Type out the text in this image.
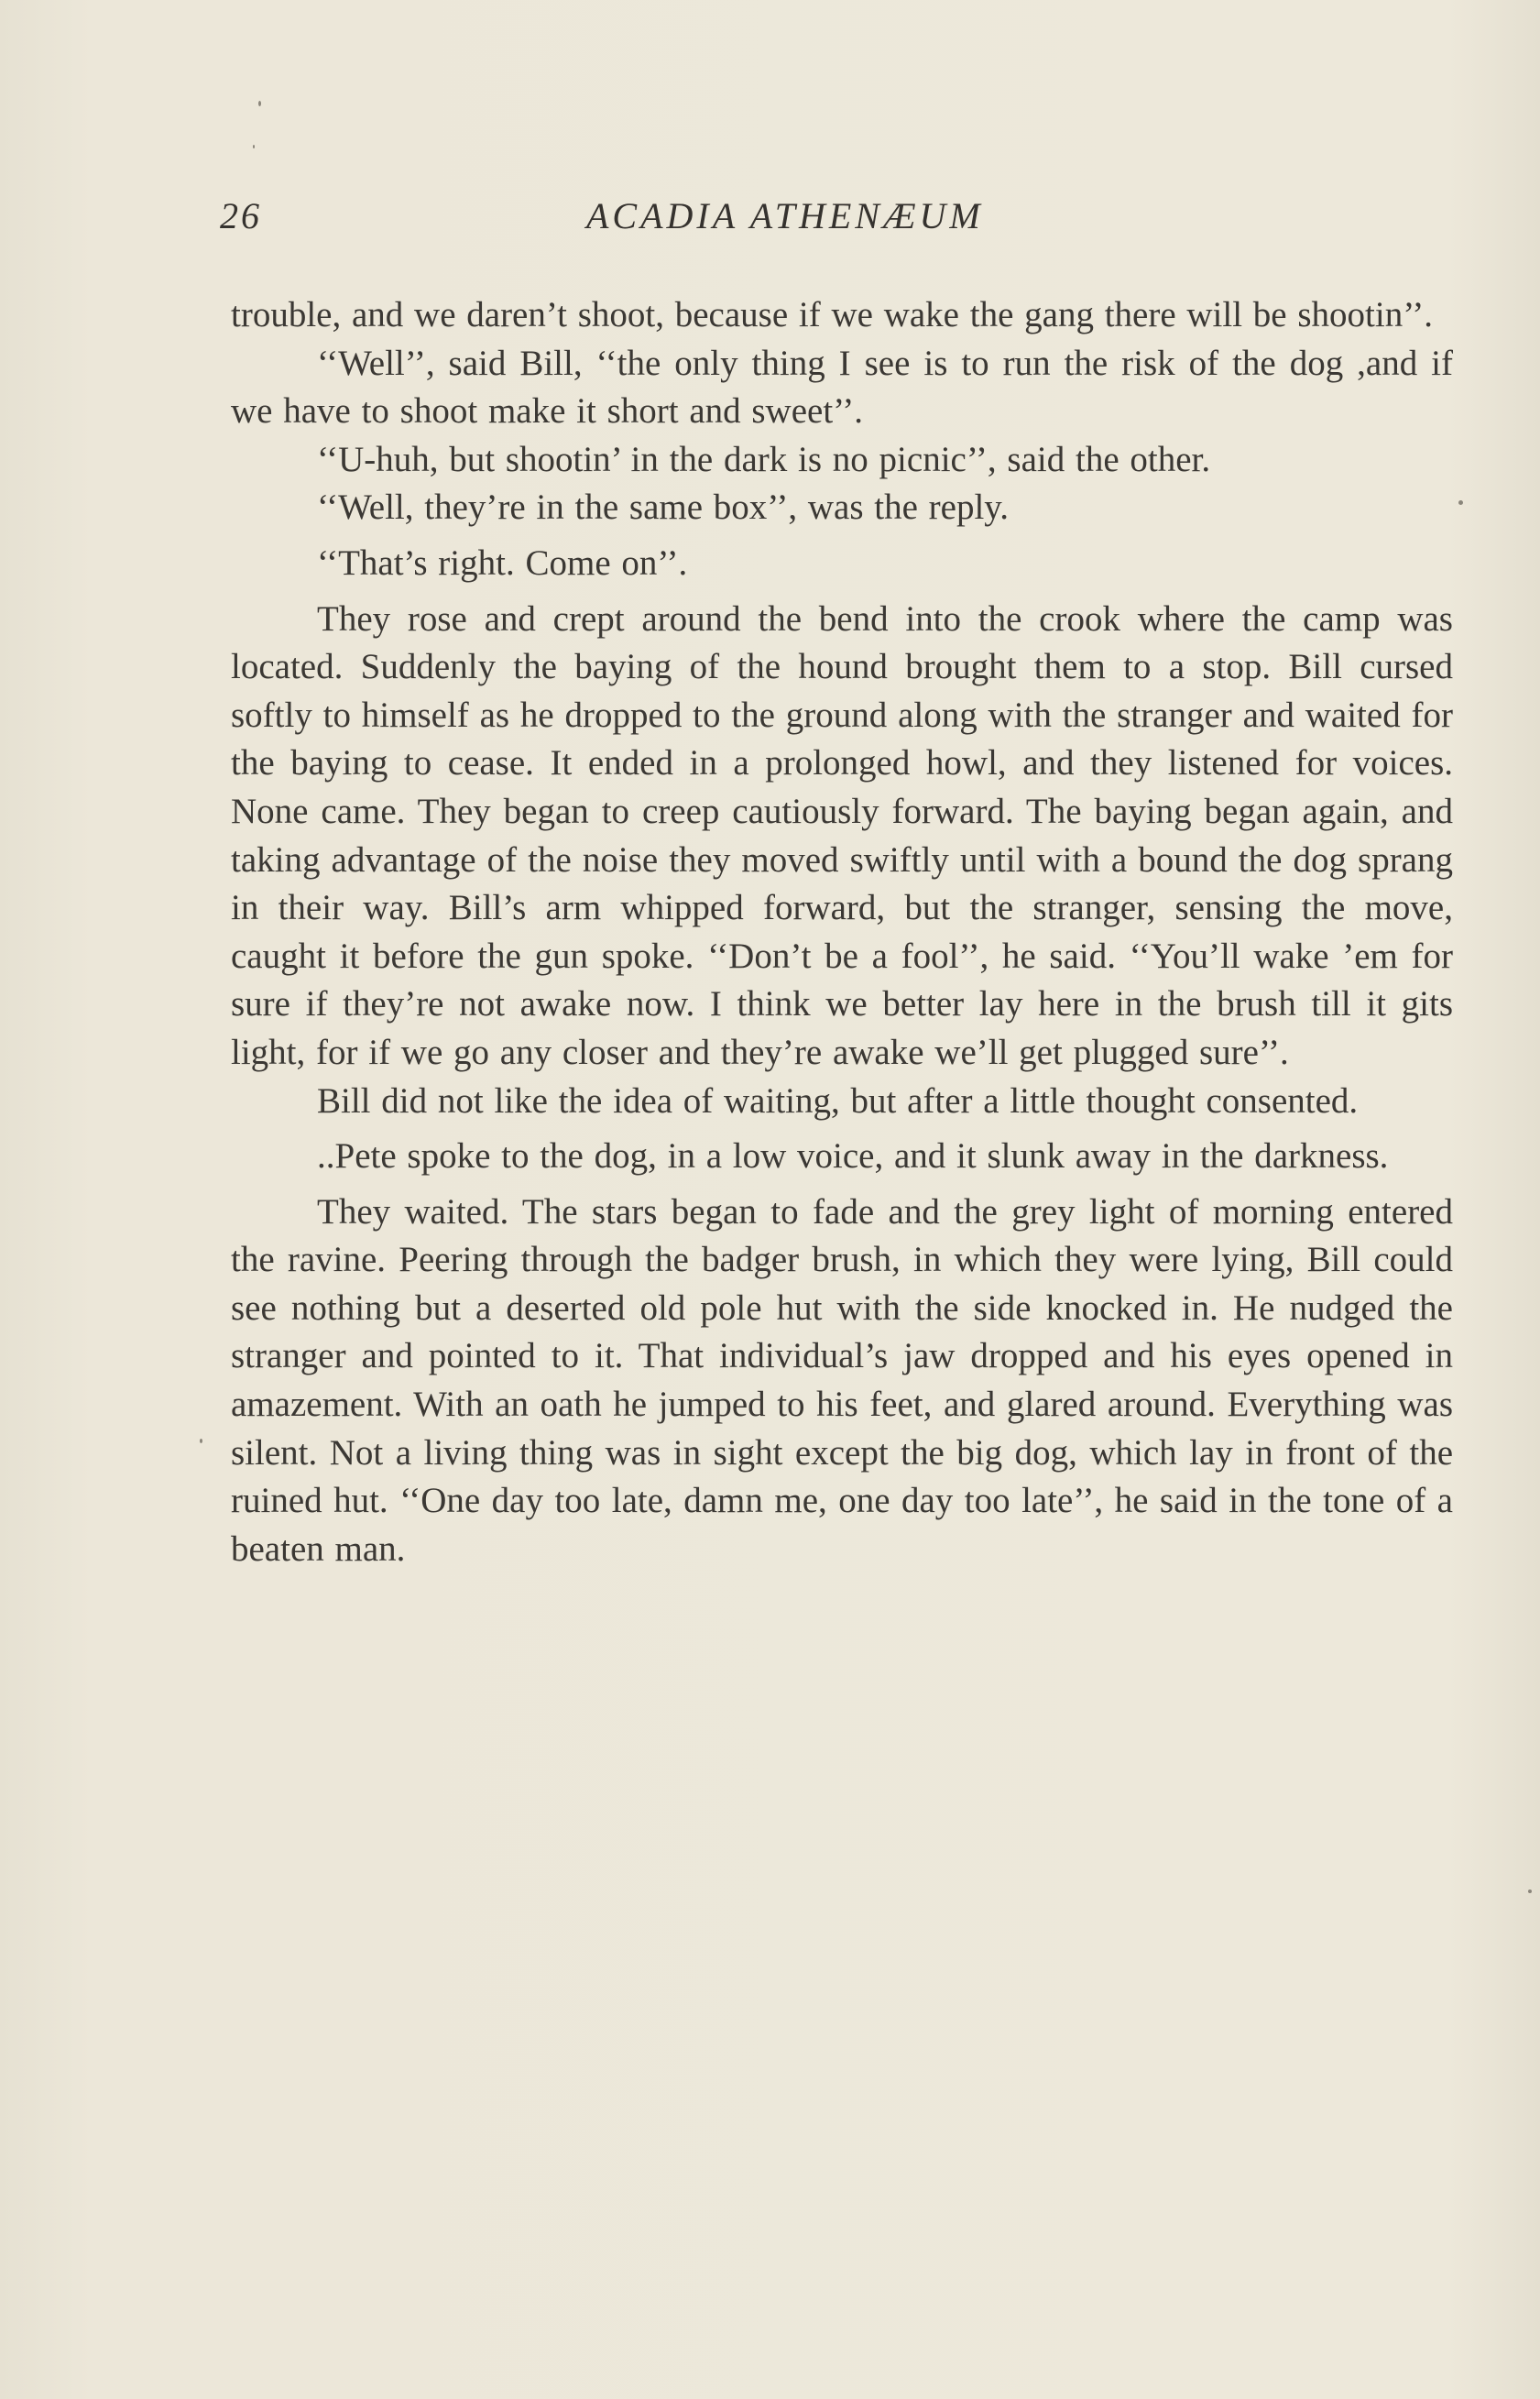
26	ACADIA ATHENÆUM

trouble, and we daren’t shoot, because if we wake the gang there will be shootin’’.

‘‘Well’’, said Bill, ‘‘the only thing I see is to run the risk of the dog ,and if we have to shoot make it short and sweet’’.

‘‘U-huh, but shootin’ in the dark is no picnic’’, said the other.

‘‘Well, they’re in the same box’’, was the reply.

‘‘That’s right. Come on’’.

They rose and crept around the bend into the crook where the camp was located. Suddenly the baying of the hound brought them to a stop. Bill cursed softly to himself as he dropped to the ground along with the stranger and waited for the baying to cease. It ended in a prolonged howl, and they listened for voices. None came. They began to creep cautiously forward. The baying began again, and taking advantage of the noise they moved swiftly until with a bound the dog sprang in their way. Bill’s arm whipped forward, but the stranger, sensing the move, caught it before the gun spoke. ‘‘Don’t be a fool’’, he said. ‘‘You’ll wake ’em for sure if they’re not awake now. I think we better lay here in the brush till it gits light, for if we go any closer and they’re awake we’ll get plugged sure’’.

Bill did not like the idea of waiting, but after a little thought consented.

..Pete spoke to the dog, in a low voice, and it slunk away in the darkness.

They waited. The stars began to fade and the grey light of morning entered the ravine. Peering through the badger brush, in which they were lying, Bill could see nothing but a deserted old pole hut with the side knocked in. He nudged the stranger and pointed to it. That individual’s jaw dropped and his eyes opened in amazement. With an oath he jumped to his feet, and glared around. Everything was silent. Not a living thing was in sight except the big dog, which lay in front of the ruined hut. ‘‘One day too late, damn me, one day too late’’, he said in the tone of a beaten man.
